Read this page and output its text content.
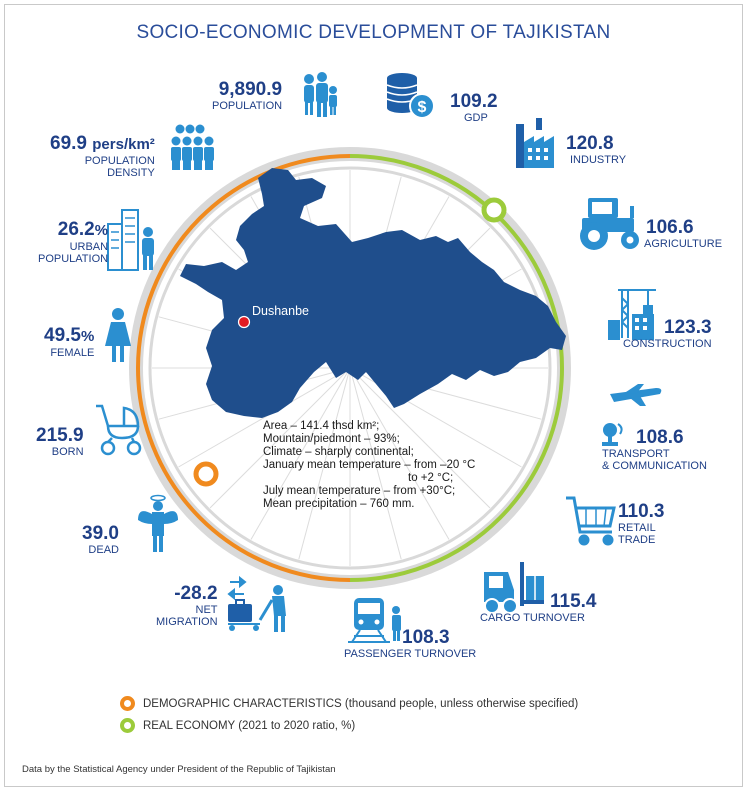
SOCIO-ECONOMIC DEVELOPMENT OF TAJIKISTAN
$
9,890.9
POPULATION
69.9 pers/km²
POPULATION
DENSITY
26.2%
URBAN
POPULATION
49.5%
FEMALE
215.9
BORN
39.0
DEAD
-28.2
NET
MIGRATION
109.2
GDP
120.8
INDUSTRY
106.6
AGRICULTURE
123.3
CONSTRUCTION
108.6
TRANSPORT
& COMMUNICATION
110.3
RETAIL
TRADE
115.4
CARGO TURNOVER
108.3
PASSENGER TURNOVER
Dushanbe
Area – 141.4 thsd km²;
Mountain/piedmont – 93%;
Climate – sharply continental;
January mean temperature – from –20 °C
to +2 °C;
July mean temperature – from +30°C;
Mean precipitation – 760 mm.
DEMOGRAPHIC CHARACTERISTICS (thousand people, unless otherwise specified)
REAL ECONOMY (2021 to 2020 ratio, %)
Data by the Statistical Agency under President of the Republic of Tajikistan
